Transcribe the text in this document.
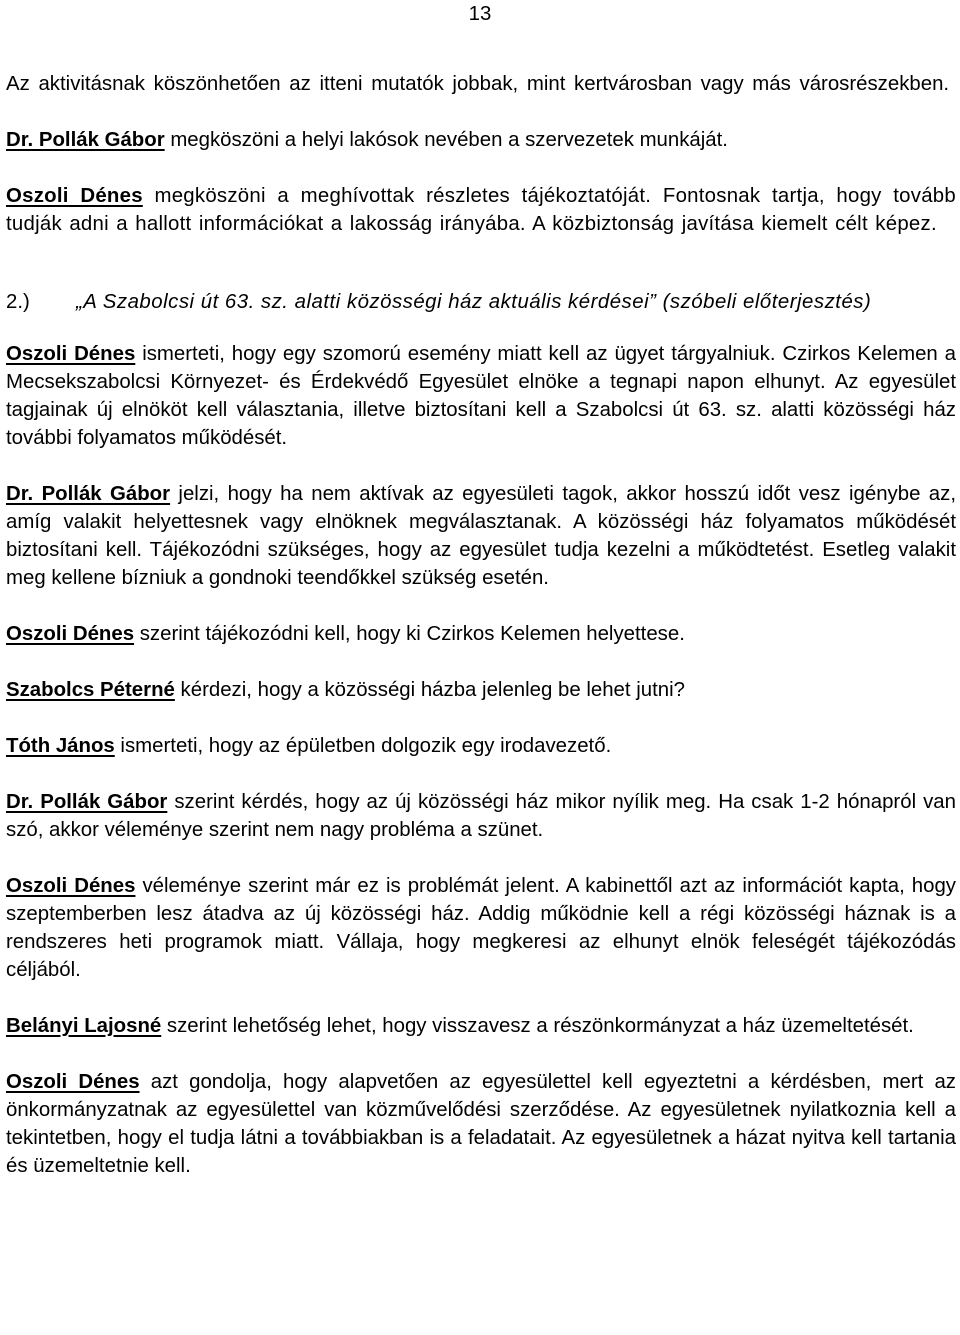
13

Az aktivitásnak köszönhetően az itteni mutatók jobbak, mint kertvárosban vagy más városrészekben.

Dr. Pollák Gábor megköszöni a helyi lakósok nevében a szervezetek munkáját.

Oszoli Dénes megköszöni a meghívottak részletes tájékoztatóját. Fontosnak tartja, hogy tovább tudják adni a hallott információkat a lakosság irányába. A közbiztonság javítása kiemelt célt képez.

2.)	„A Szabolcsi út 63. sz. alatti közösségi ház aktuális kérdései” (szóbeli előterjesztés)

Oszoli Dénes ismerteti, hogy egy szomorú esemény miatt kell az ügyet tárgyalniuk. Czirkos Kelemen a Mecsekszabolcsi Környezet- és Érdekvédő Egyesület elnöke a tegnapi napon elhunyt. Az egyesület tagjainak új elnököt kell választania, illetve biztosítani kell a Szabolcsi út 63. sz. alatti közösségi ház további folyamatos működését.

Dr. Pollák Gábor jelzi, hogy ha nem aktívak az egyesületi tagok, akkor hosszú időt vesz igénybe az, amíg valakit helyettesnek vagy elnöknek megválasztanak. A közösségi ház folyamatos működését biztosítani kell. Tájékozódni szükséges, hogy az egyesület tudja kezelni a működtetést. Esetleg valakit meg kellene bízniuk a gondnoki teendőkkel szükség esetén.

Oszoli Dénes szerint tájékozódni kell, hogy ki Czirkos Kelemen helyettese.

Szabolcs Péterné kérdezi, hogy a közösségi házba jelenleg be lehet jutni?

Tóth János ismerteti, hogy az épületben dolgozik egy irodavezető.

Dr. Pollák Gábor szerint kérdés, hogy az új közösségi ház mikor nyílik meg. Ha csak 1-2 hónapról van szó, akkor véleménye szerint nem nagy probléma a szünet.

Oszoli Dénes véleménye szerint már ez is problémát jelent. A kabinettől azt az információt kapta, hogy szeptemberben lesz átadva az új közösségi ház. Addig működnie kell a régi közösségi háznak is a rendszeres heti programok miatt. Vállaja, hogy megkeresi az elhunyt elnök feleségét tájékozódás céljából.

Belányi Lajosné szerint lehetőség lehet, hogy visszavesz a részönkormányzat a ház üzemeltetését.

Oszoli Dénes azt gondolja, hogy alapvetően az egyesülettel kell egyeztetni a kérdésben, mert az önkormányzatnak az egyesülettel van közművelődési szerződése. Az egyesületnek nyilatkoznia kell a tekintetben, hogy el tudja látni a továbbiakban is a feladatait. Az egyesületnek a házat nyitva kell tartania és üzemeltetnie kell.
